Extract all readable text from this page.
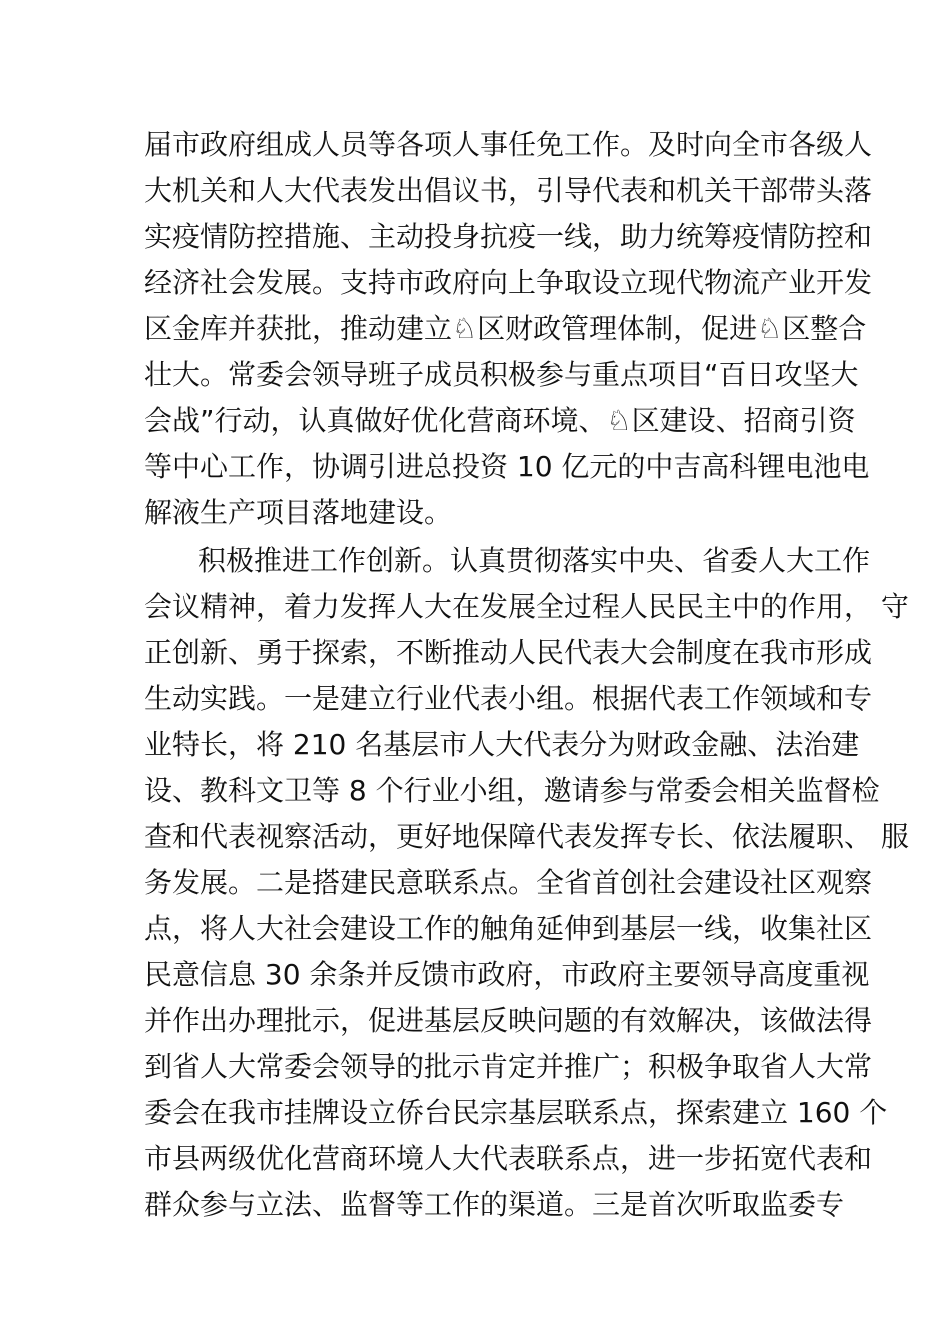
届市政府组成人员等各项人事任免工作。及时向全市各级人
大机关和人大代表发出倡议书，引导代表和机关干部带头落
实疫情防控措施、主动投身抗疫一线，助力统筹疫情防控和
经济社会发展。支持市政府向上争取设立现代物流产业开发
区金库并获批，推动建立♘区财政管理体制，促进♘区整合
壮大。常委会领导班子成员积极参与重点项目“百日攻坚大
会战”行动，认真做好优化营商环境、♘区建设、招商引资
等中心工作，协调引进总投资 10 亿元的中吉高科锂电池电
解液生产项目落地建设。
积极推进工作创新。认真贯彻落实中央、省委人大工作
会议精神，着力发挥人大在发展全过程人民民主中的作用， 守
正创新、勇于探索，不断推动人民代表大会制度在我市形成
生动实践。一是建立行业代表小组。根据代表工作领域和专
业特长，将 210 名基层市人大代表分为财政金融、法治建
设、教科文卫等 8 个行业小组，邀请参与常委会相关监督检
查和代表视察活动，更好地保障代表发挥专长、依法履职、 服
务发展。二是搭建民意联系点。全省首创社会建设社区观察
点，将人大社会建设工作的触角延伸到基层一线，收集社区
民意信息 30 余条并反馈市政府，市政府主要领导高度重视
并作出办理批示，促进基层反映问题的有效解决，该做法得
到省人大常委会领导的批示肯定并推广；积极争取省人大常
委会在我市挂牌设立侨台民宗基层联系点，探索建立 160 个
市县两级优化营商环境人大代表联系点，进一步拓宽代表和
群众参与立法、监督等工作的渠道。三是首次听取监委专
